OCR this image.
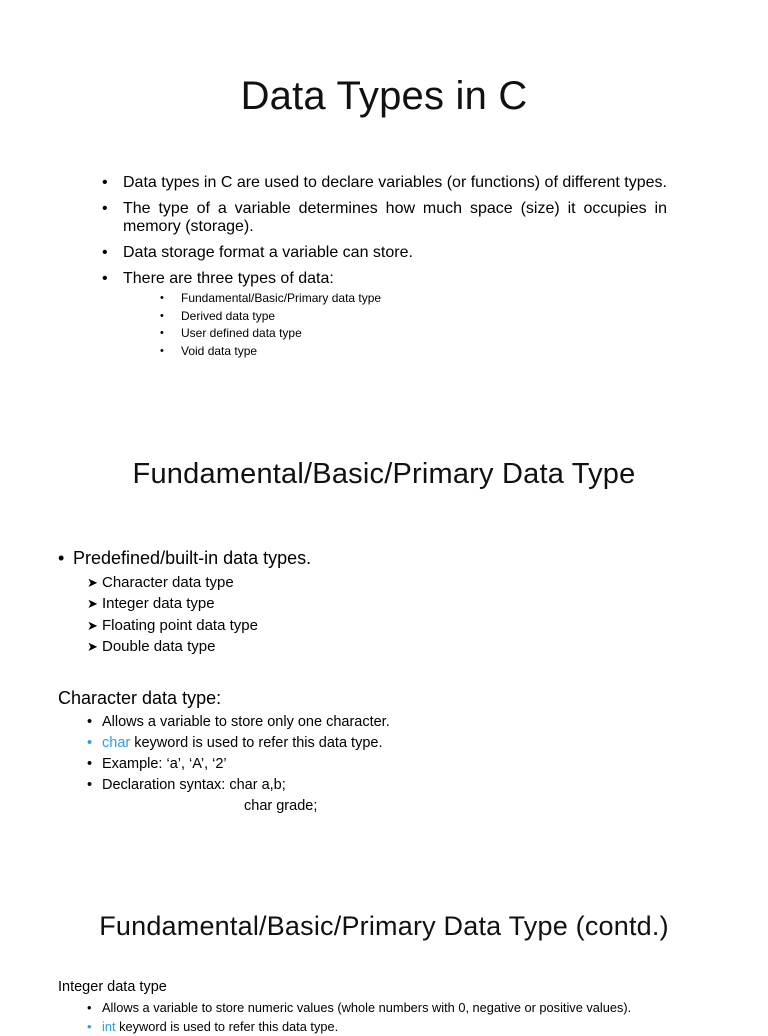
Data Types in C
• Data types in C are used to declare variables (or functions) of different types.
• The type of a variable determines how much space (size) it occupies in memory (storage).
• Data storage format a variable can store.
• There are three types of data:
• Fundamental/Basic/Primary data type
• Derived data type
• User defined data type
• Void data type
Fundamental/Basic/Primary Data Type
• Predefined/built-in data types.
➤ Character data type
➤ Integer data type
➤ Floating point data type
➤ Double data type
Character data type:
• Allows a variable to store only one character.
• char keyword is used to refer this data type.
• Example: ‘a’, ‘A’, ‘2’
• Declaration syntax: char a,b;
char grade;
Fundamental/Basic/Primary Data Type (contd.)
Integer data type
• Allows a variable to store numeric values (whole numbers with 0, negative or positive values).
• int keyword is used to refer this data type.
